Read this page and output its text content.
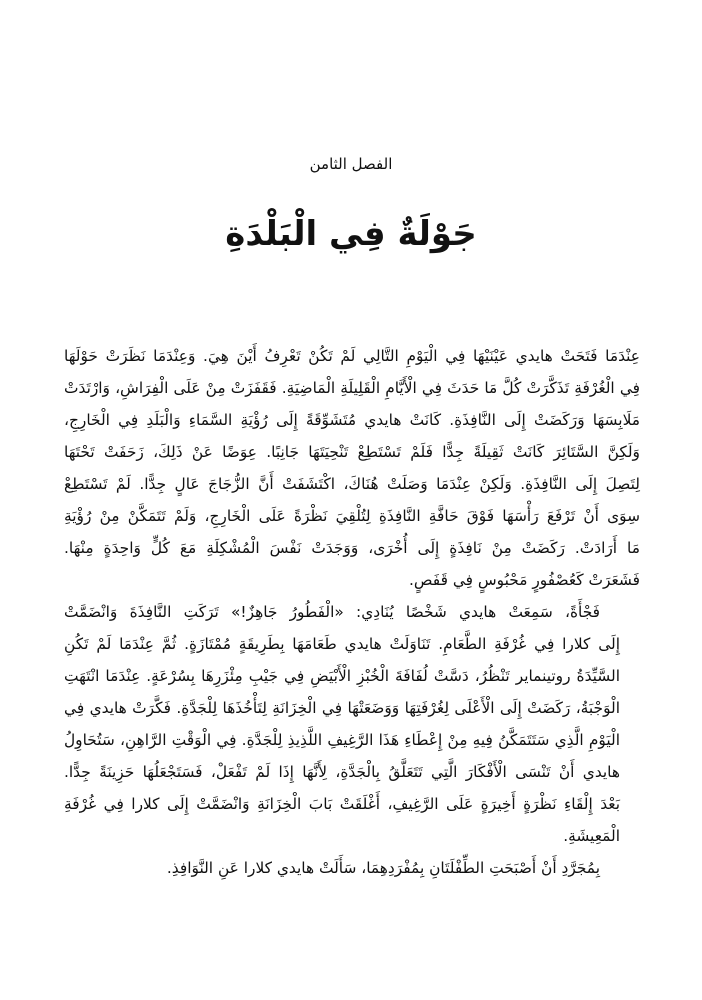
الفصل الثامن
جَوْلَةٌ فِي الْبَلْدَةِ

عِنْدَمَا فَتَحَتْ هايدي عَيْنَيْهَا فِي الْيَوْمِ التَّالِي لَمْ تَكُنْ تَعْرِفُ أَيْنَ هِيَ. وَعِنْدَمَا نَظَرَتْ حَوْلَهَا
فِي الْغُرْفَةِ تَذَكَّرَتْ كُلَّ مَا حَدَثَ فِي الْأَيَّامِ الْقَلِيلَةِ الْمَاضِيَةِ. فَقَفَزَتْ مِنْ عَلَى الْفِرَاشِ، وَارْتَدَتْ
مَلَابِسَهَا وَرَكَضَتْ إِلَى النَّافِذَةِ. كَانَتْ هايدي مُتَشَوِّقَةً إِلَى رُؤْيَةِ السَّمَاءِ وَالْبَلَدِ فِي الْخَارِجِ،
وَلَكِنَّ السَّتَائِرَ كَانَتْ ثَقِيلَةً جِدًّا فَلَمْ تَسْتَطِعْ تَنْحِيَتَهَا جَانِبًا. عِوَضًا عَنْ ذَلِكَ، زَحَفَتْ تَحْتَهَا
لِتَصِلَ إِلَى النَّافِذَةِ. وَلَكِنْ عِنْدَمَا وَصَلَتْ هُنَاكَ، اكْتَشَفَتْ أَنَّ الزُّجَاجَ عَالٍ جِدًّا. لَمْ تَسْتَطِعْ
سِوَى أَنْ تَرْفَعَ رَأْسَهَا فَوْقَ حَافَّةِ النَّافِذَةِ لِتُلْقِيَ نَظْرَةً عَلَى الْخَارِجِ، وَلَمْ تَتَمَكَّنْ مِنْ رُؤْيَةِ
مَا أَرَادَتْ. رَكَضَتْ مِنْ نَافِذَةٍ إِلَى أُخْرَى، وَوَجَدَتْ نَفْسَ الْمُشْكِلَةِ مَعَ كُلٍّ وَاحِدَةٍ مِنْهَا.
فَشَعَرَتْ كَعُصْفُورٍ مَحْبُوسٍ فِي قَفَصٍ.

فَجْأَةً، سَمِعَتْ هايدي شَخْصًا يُنَادِي: «الْفَطُورُ جَاهِزٌ!» تَرَكَتِ النَّافِذَةَ وَانْضَمَّتْ
إِلَى كلارا فِي غُرْفَةِ الطَّعَامِ. تَنَاوَلَتْ هايدي طَعَامَهَا بِطَرِيقَةٍ مُمْتَازَةٍ. ثُمَّ عِنْدَمَا لَمْ تَكُنِ
السَّيِّدَةُ روتينماير تَنْظُرُ، دَسَّتْ لُفَافَةَ الْخُبْزِ الْأَبْيَضِ فِي جَيْبِ مِئْزَرِهَا بِسُرْعَةٍ. عِنْدَمَا انْتَهَتِ
الْوَجْبَةُ، رَكَضَتْ إِلَى الْأَعْلَى لِغُرْفَتِهَا وَوَضَعَتْهَا فِي الْخِزَانَةِ لِتَأْخُذَهَا لِلْجَدَّةِ. فَكَّرَتْ هايدي فِي
الْيَوْمِ الَّذِي سَتَتَمَكَّنُ فِيهِ مِنْ إِعْطَاءِ هَذَا الرَّغِيفِ اللَّذِيذِ لِلْجَدَّةِ. فِي الْوَقْتِ الرَّاهِنِ، سَتُحَاوِلُ
هايدي أَنْ تَنْسَى الْأَفْكَارَ الَّتِي تَتَعَلَّقُ بِالْجَدَّةِ، لِأَنَّهَا إِذَا لَمْ تَفْعَلْ، فَسَتَجْعَلُهَا حَزِينَةً جِدًّا.
بَعْدَ إِلْقَاءِ نَظْرَةٍ أَخِيرَةٍ عَلَى الرَّغِيفِ، أَغْلَقَتْ بَابَ الْخِزَانَةِ وَانْضَمَّتْ إِلَى كلارا فِي غُرْفَةِ
الْمَعِيشَةِ.

بِمُجَرَّدِ أَنْ أَصْبَحَتِ الطِّفْلَتَانِ بِمُفْرَدِهِمَا، سَأَلَتْ هايدي كلارا عَنِ النَّوَافِذِ.
